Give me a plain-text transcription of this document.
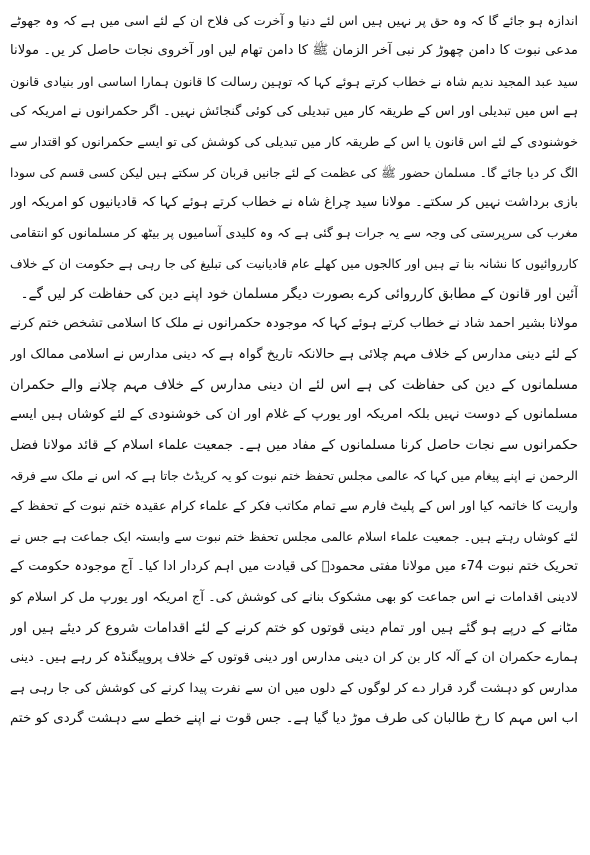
اندازہ ہو جائے گا کہ وہ حق پر نہیں ہیں اس لئے دنیا و آخرت کی فلاح ان کے لئے اسی میں ہے کہ وہ جھوٹے
مدعی نبوت کا دامن چھوڑ کر نبی آخر الزمان ﷺ کا دامن تھام لیں اور آخروی نجات حاصل کر یں۔ مولانا
سید عبد المجید ندیم شاہ نے خطاب کرتے ہوئے کہا کہ توہین رسالت کا قانون ہمارا اساسی اور بنیادی قانون
ہے اس میں تبدیلی اور اس کے طریقہ کار میں تبدیلی کی کوئی گنجائش نہیں۔ اگر حکمرانوں نے امریکہ کی
خوشنودی کے لئے اس قانون یا اس کے طریقہ کار میں تبدیلی کی کوشش کی تو ایسے حکمرانوں کو اقتدار سے
الگ کر دیا جائے گا۔ مسلمان حضور ﷺ کی عظمت کے لئے جانیں قربان کر سکتے ہیں لیکن کسی قسم کی سودا
بازی برداشت نہیں کر سکتے۔ مولانا سید چراغ شاہ نے خطاب کرتے ہوئے کہا کہ قادیانیوں کو امریکہ اور
مغرب کی سرپرستی کی وجہ سے یہ جرات ہو گئی ہے کہ وہ کلیدی آسامیوں پر بیٹھ کر مسلمانوں کو انتقامی
کارروائیوں کا نشانہ بنا تے ہیں اور کالجوں میں کھلے عام قادیانیت کی تبلیغ کی جا رہی ہے حکومت ان کے خلاف
آئین اور قانون کے مطابق کارروائی کرے بصورت دیگر مسلمان خود اپنے دین کی حفاظت کر لیں گے۔
مولانا بشیر احمد شاد نے خطاب کرتے ہوئے کہا کہ موجودہ حکمرانوں نے ملک کا اسلامی تشخص ختم کرنے
کے لئے دینی مدارس کے خلاف مہم چلائی ہے حالانکہ تاریخ گواہ ہے کہ دینی مدارس نے اسلامی ممالک اور
مسلمانوں کے دین کی حفاظت کی ہے اس لئے ان دینی مدارس کے خلاف مہم چلانے والے حکمران
مسلمانوں کے دوست نہیں بلکہ امریکہ اور یورپ کے غلام اور ان کی خوشنودی کے لئے کوشاں ہیں ایسے
حکمرانوں سے نجات حاصل کرنا مسلمانوں کے مفاد میں ہے۔ جمعیت علماء اسلام کے قائد مولانا فضل
الرحمن نے اپنے پیغام میں کہا کہ عالمی مجلس تحفظ ختم نبوت کو یہ کریڈٹ جاتا ہے کہ اس نے ملک سے فرقہ
واریت کا خاتمہ کیا اور اس کے پلیٹ فارم سے تمام مکاتب فکر کے علماء کرام عقیدہ ختم نبوت کے تحفظ کے
لئے کوشاں رہتے ہیں۔ جمعیت علماء اسلام عالمی مجلس تحفظ ختم نبوت سے وابستہ ایک جماعت ہے جس نے
تحریک ختم نبوت 74ء میں مولانا مفتی محمودؒ کی قیادت میں اہم کردار ادا کیا۔ آج موجودہ حکومت کے
لادینی اقدامات نے اس جماعت کو بھی مشکوک بنانے کی کوشش کی۔ آج امریکہ اور یورپ مل کر اسلام کو
مٹانے کے درپے ہو گئے ہیں اور تمام دینی قوتوں کو ختم کرنے کے لئے اقدامات شروع کر دیئے ہیں اور
ہمارے حکمران ان کے آلہ کار بن کر ان دینی مدارس اور دینی قوتوں کے خلاف پروپیگنڈہ کر رہے ہیں۔ دینی
مدارس کو دہشت گرد قرار دے کر لوگوں کے دلوں میں ان سے نفرت پیدا کرنے کی کوشش کی جا رہی ہے
اب اس مہم کا رخ طالبان کی طرف موڑ دیا گیا ہے۔ جس قوت نے اپنے خطے سے دہشت گردی کو ختم
